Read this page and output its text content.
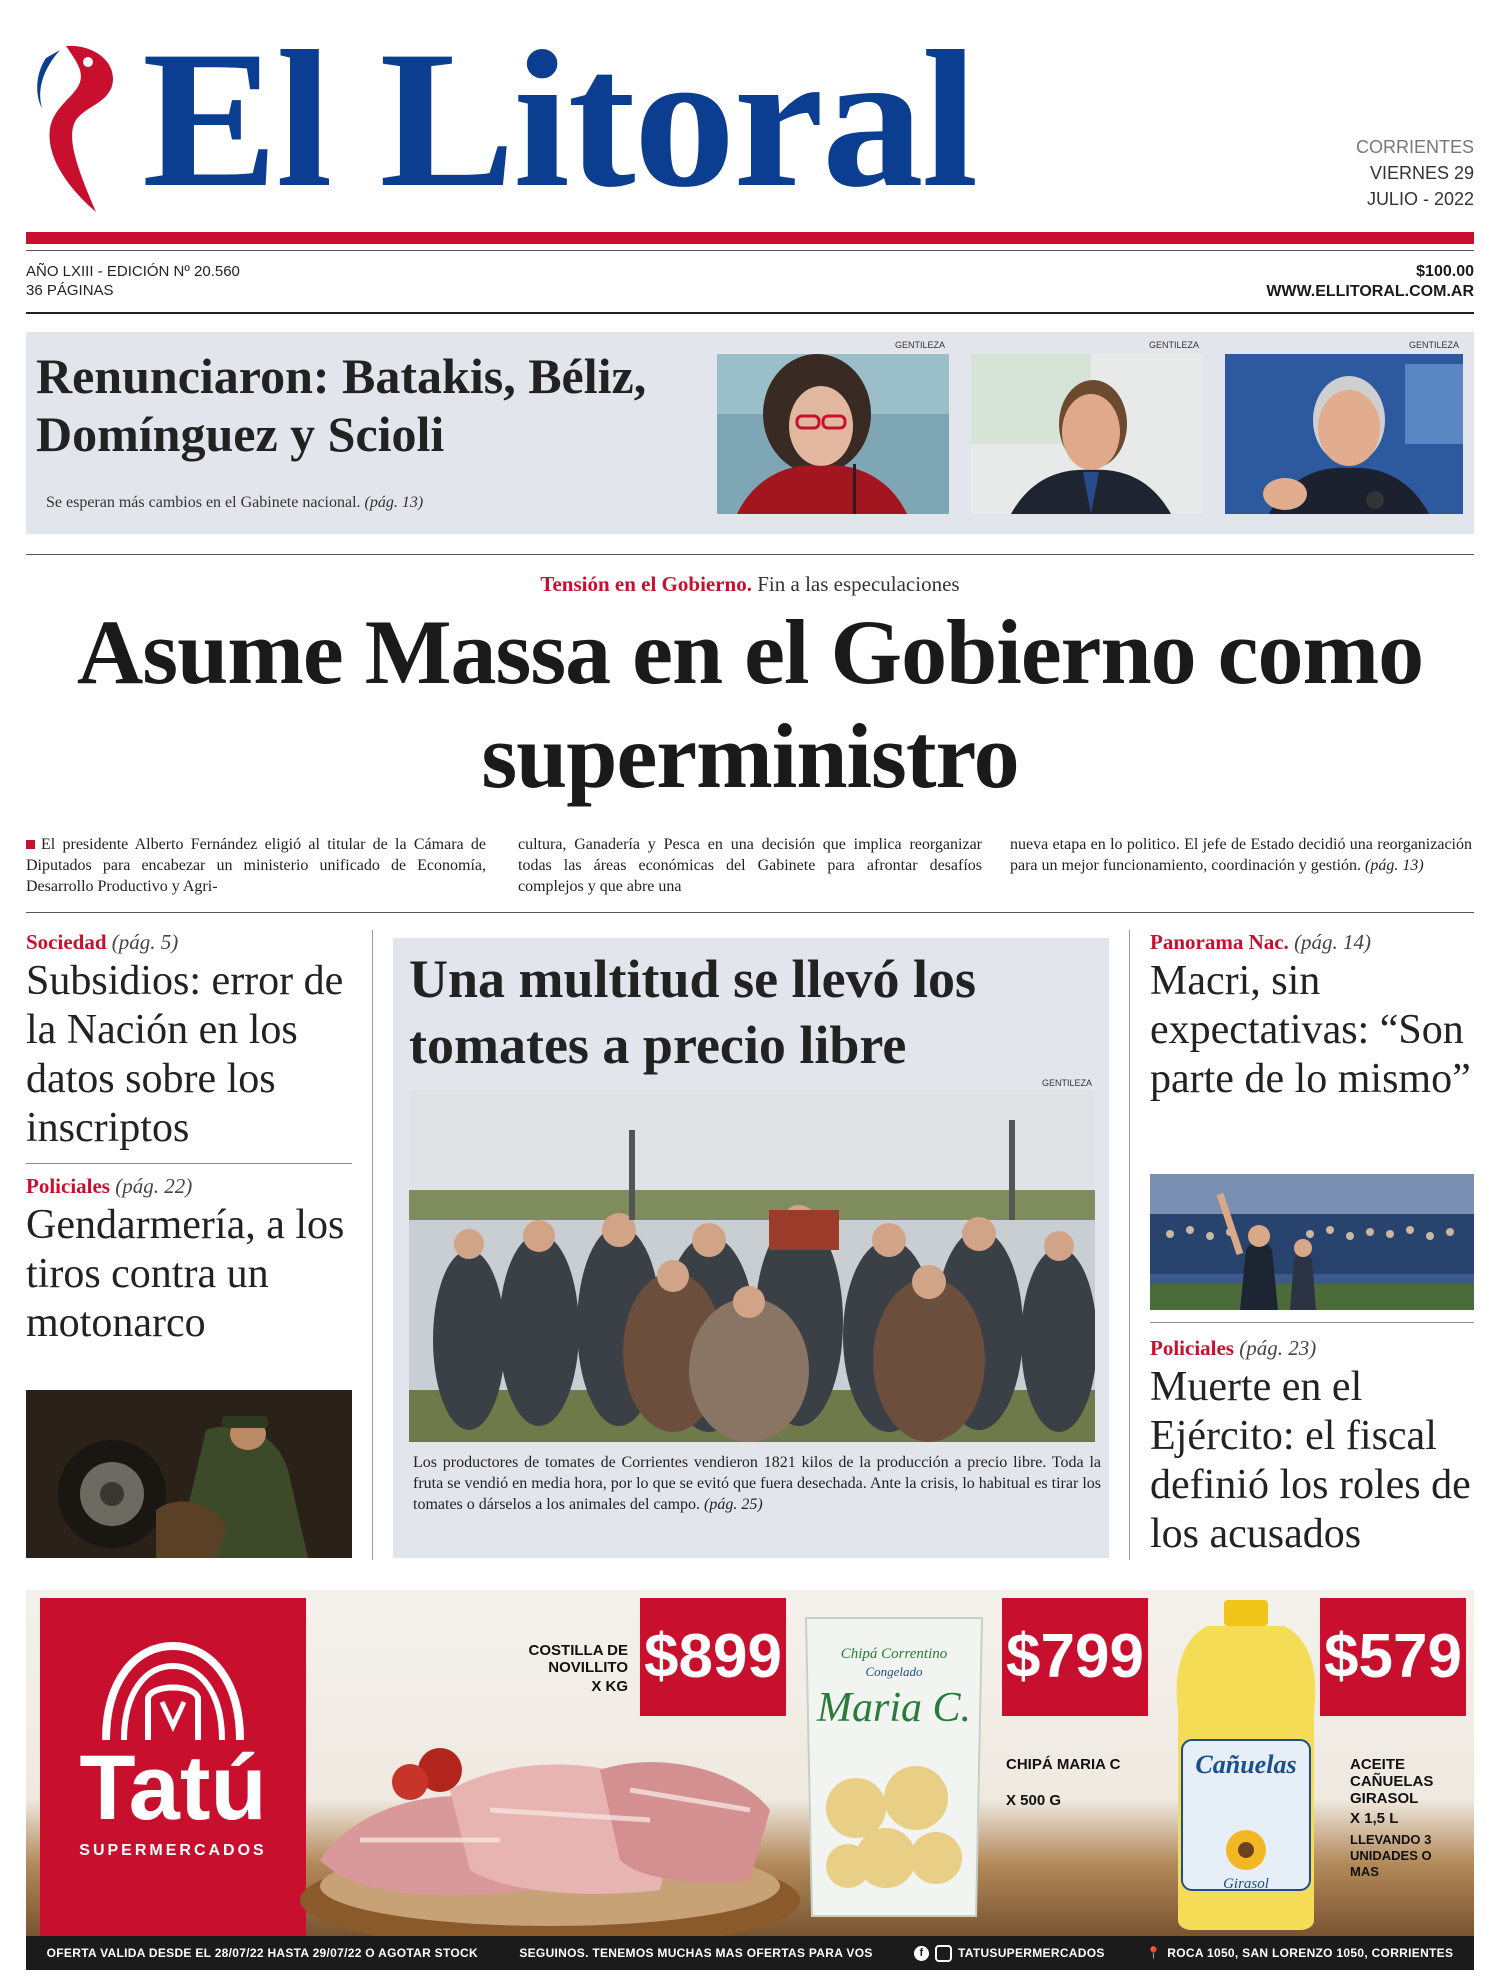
El Litoral	CORRIENTES
VIERNES 29
JULIO - 2022
AÑO LXIII - EDICIÓN Nº 20.560
36 PÁGINAS
$100.00
WWW.ELLITORAL.COM.AR
Renunciaron: Batakis, Béliz, Domínguez y Scioli
Se esperan más cambios en el Gabinete nacional. (pág. 13)
GENTILEZA	GENTILEZA	GENTILEZA
Tensión en el Gobierno. Fin a las especulaciones
Asume Massa en el Gobierno como superministro
El presidente Alberto Fernández eligió al titular de la Cámara de Diputados para encabezar un ministerio unificado de Economía, Desarrollo Productivo y Agri-
cultura, Ganadería y Pesca en una decisión que implica reorganizar todas las áreas económicas del Gabinete para afrontar desafíos complejos y que abre una
nueva etapa en lo politico. El jefe de Estado decidió una reorganización para un mejor funcionamiento, coordinación y gestión. (pág. 13)
Sociedad (pág. 5)
Subsidios: error de la Nación en los datos sobre los inscriptos
Policiales (pág. 22)
Gendarmería, a los tiros contra un motonarco
Una multitud se llevó los tomates a precio libre
GENTILEZA
Los productores de tomates de Corrientes vendieron 1821 kilos de la producción a precio libre. Toda la fruta se vendió en media hora, por lo que se evitó que fuera desechada. Ante la crisis, lo habitual es tirar los tomates o dárselos a los animales del campo. (pág. 25)
Panorama Nac. (pág. 14)
Macri, sin expectativas: “Son parte de lo mismo”
Policiales (pág. 23)
Muerte en el Ejército: el fiscal definió los roles de los acusados
Tatú
SUPERMERCADOS
COSTILLA DE NOVILLITO
X KG $899	Chipá Correntino
Congelado
Maria C.
$799
CHIPÁ MARIA C
X 500 G
Cañuelas
Girasol
$579
ACEITE CAÑUELAS GIRASOL
X 1,5 L
LLEVANDO 3 UNIDADES O MAS
OFERTA VALIDA DESDE EL 28/07/22 HASTA 29/07/22 O AGOTAR STOCK	SEGUINOS. TENEMOS MUCHAS MAS OFERTAS PARA VOS	f	TATUSUPERMERCADOS	📍 ROCA 1050, SAN LORENZO 1050, CORRIENTES
